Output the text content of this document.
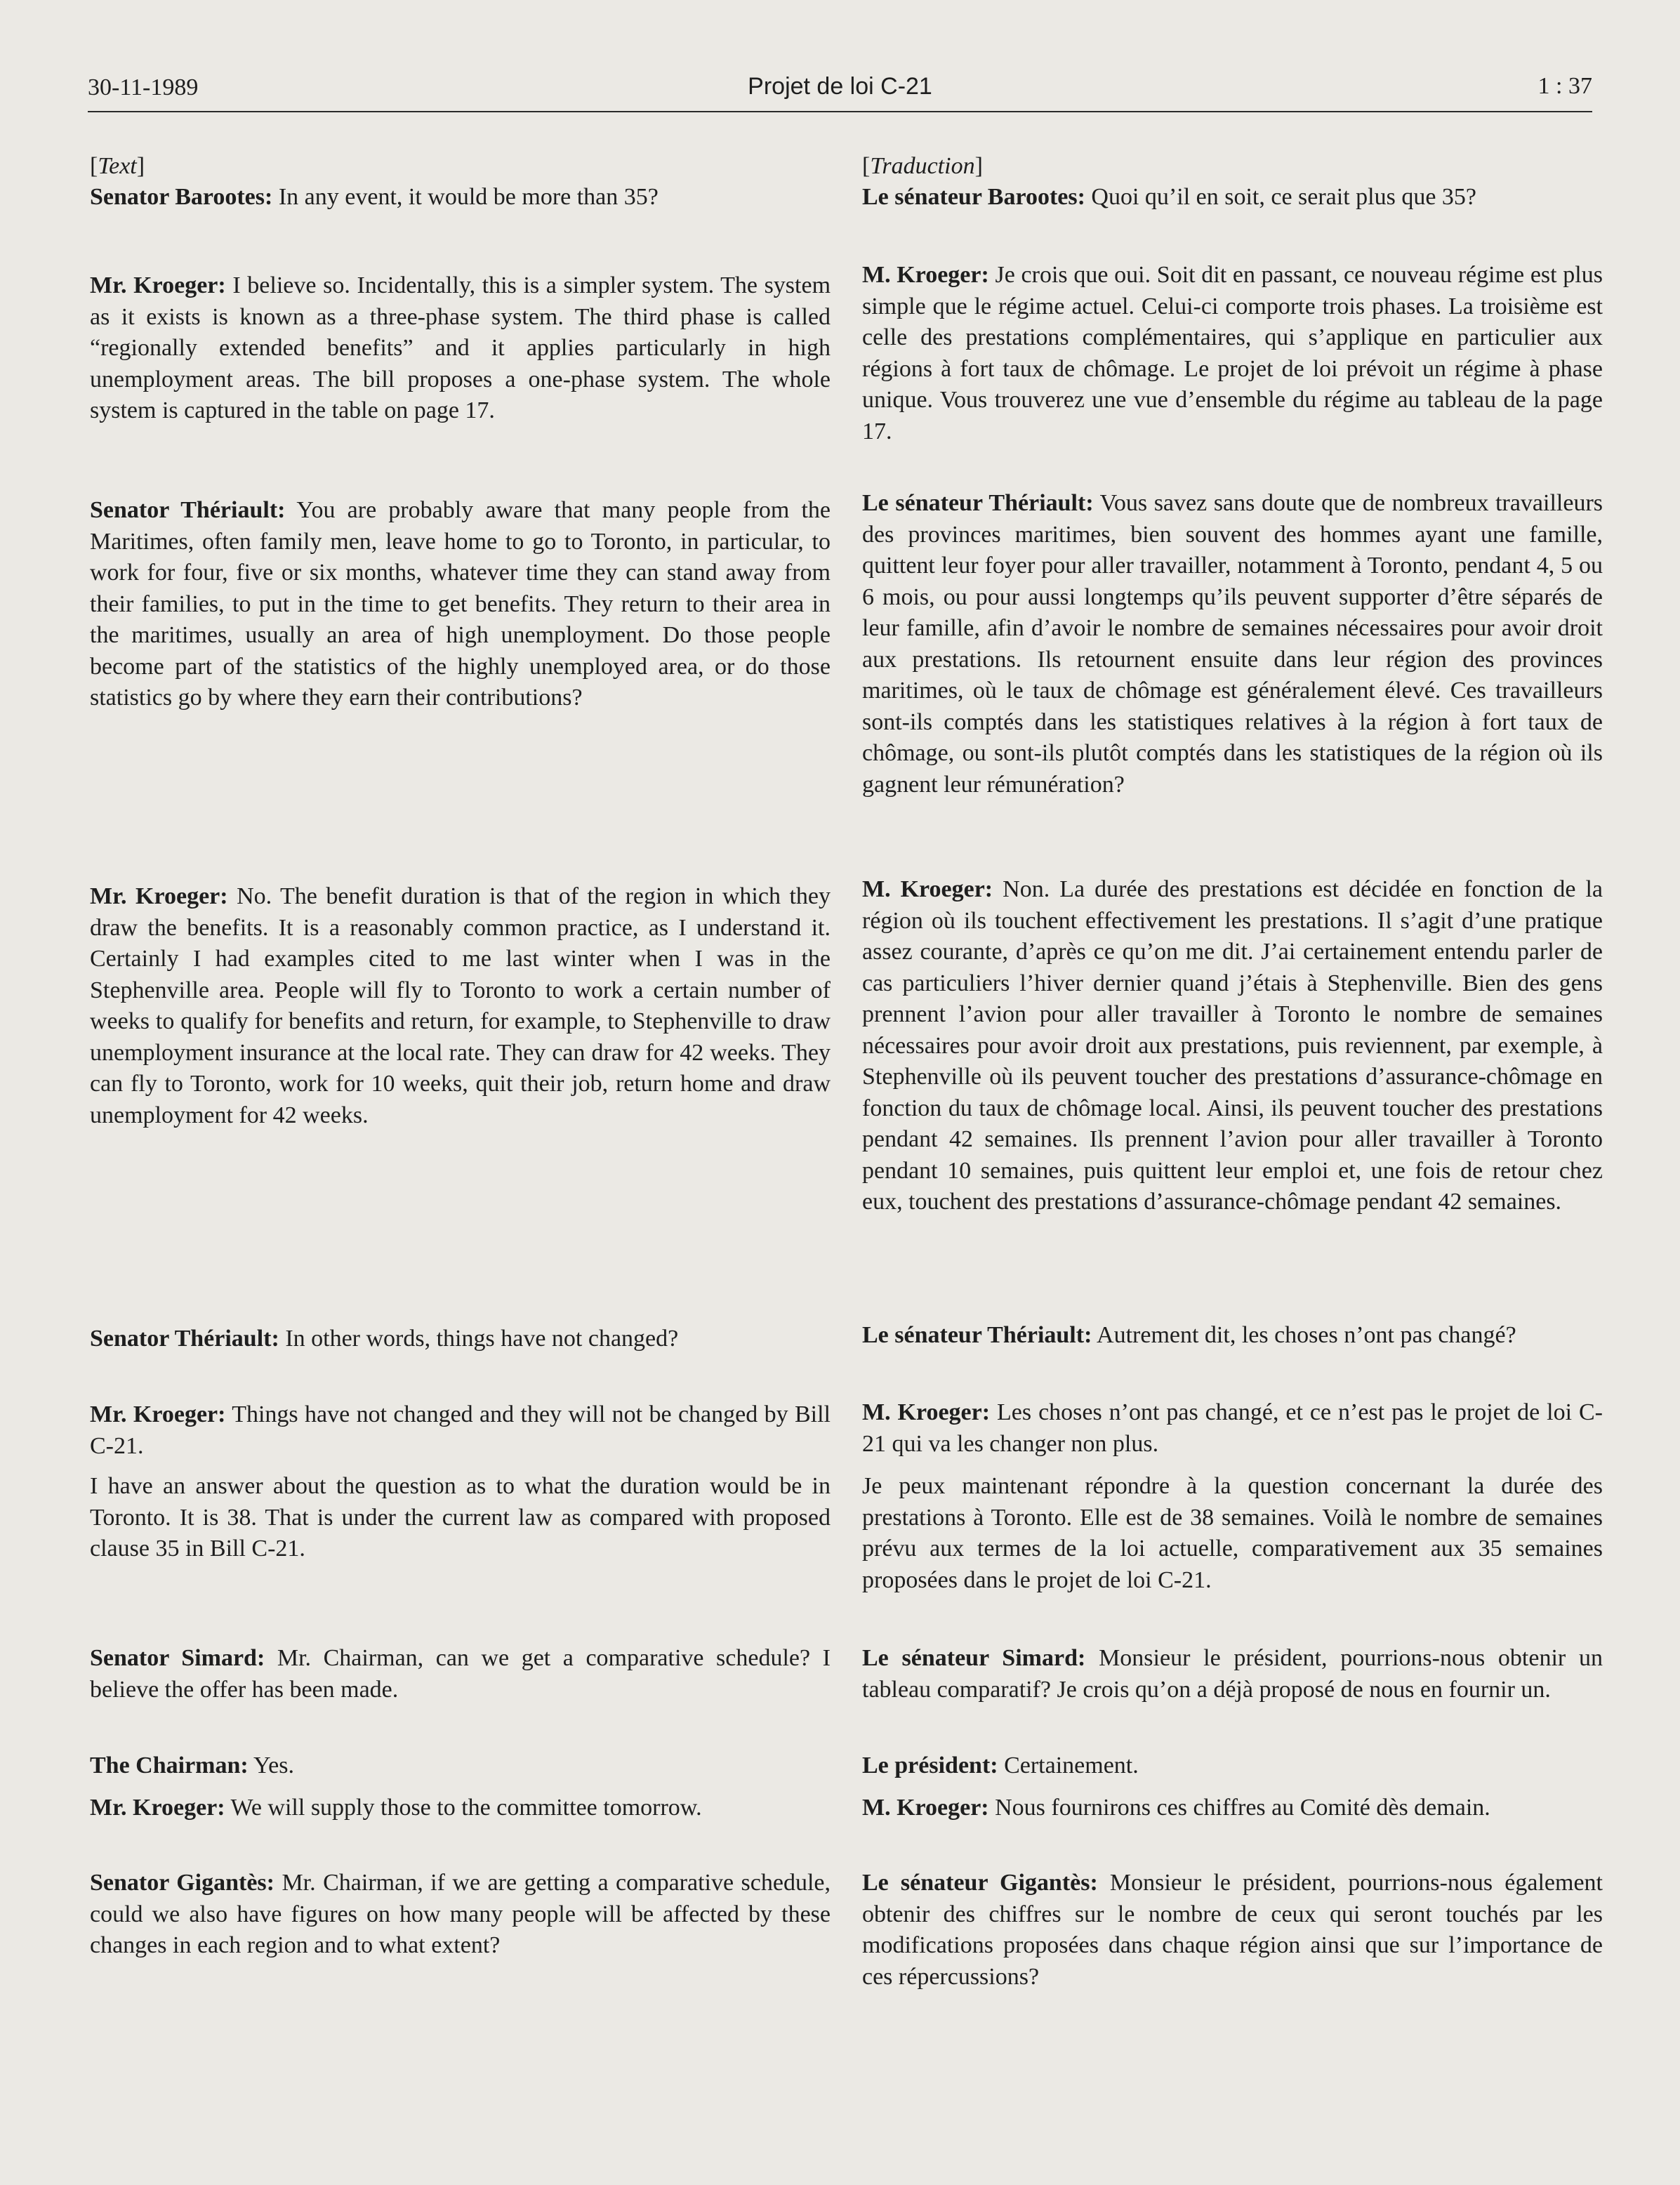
30-11-1989	Projet de loi C-21	1 : 37
[Text]

Senator Barootes: In any event, it would be more than 35?

Mr. Kroeger: I believe so. Incidentally, this is a simpler system. The system as it exists is known as a three-phase system. The third phase is called “regionally extended benefits” and it applies particularly in high unemployment areas. The bill proposes a one-phase system. The whole system is captured in the table on page 17.

Senator Thériault: You are probably aware that many people from the Maritimes, often family men, leave home to go to Toronto, in particular, to work for four, five or six months, whatever time they can stand away from their families, to put in the time to get benefits. They return to their area in the maritimes, usually an area of high unemployment. Do those people become part of the statistics of the highly unemployed area, or do those statistics go by where they earn their contributions?

Mr. Kroeger: No. The benefit duration is that of the region in which they draw the benefits. It is a reasonably common practice, as I understand it. Certainly I had examples cited to me last winter when I was in the Stephenville area. People will fly to Toronto to work a certain number of weeks to qualify for benefits and return, for example, to Stephenville to draw unemployment insurance at the local rate. They can draw for 42 weeks. They can fly to Toronto, work for 10 weeks, quit their job, return home and draw unemployment for 42 weeks.

Senator Thériault: In other words, things have not changed?

Mr. Kroeger: Things have not changed and they will not be changed by Bill C-21.

I have an answer about the question as to what the duration would be in Toronto. It is 38. That is under the current law as compared with proposed clause 35 in Bill C-21.

Senator Simard: Mr. Chairman, can we get a comparative schedule? I believe the offer has been made.

The Chairman: Yes.

Mr. Kroeger: We will supply those to the committee tomorrow.

Senator Gigantès: Mr. Chairman, if we are getting a comparative schedule, could we also have figures on how many people will be affected by these changes in each region and to what extent?

[Traduction]

Le sénateur Barootes: Quoi qu’il en soit, ce serait plus que 35?

M. Kroeger: Je crois que oui. Soit dit en passant, ce nouveau régime est plus simple que le régime actuel. Celui-ci comporte trois phases. La troisième est celle des prestations complémentaires, qui s’applique en particulier aux régions à fort taux de chômage. Le projet de loi prévoit un régime à phase unique. Vous trouverez une vue d’ensemble du régime au tableau de la page 17.

Le sénateur Thériault: Vous savez sans doute que de nombreux travailleurs des provinces maritimes, bien souvent des hommes ayant une famille, quittent leur foyer pour aller travailler, notamment à Toronto, pendant 4, 5 ou 6 mois, ou pour aussi longtemps qu’ils peuvent supporter d’être séparés de leur famille, afin d’avoir le nombre de semaines nécessaires pour avoir droit aux prestations. Ils retournent ensuite dans leur région des provinces maritimes, où le taux de chômage est généralement élevé. Ces travailleurs sont-ils comptés dans les statistiques relatives à la région à fort taux de chômage, ou sont-ils plutôt comptés dans les statistiques de la région où ils gagnent leur rémunération?

M. Kroeger: Non. La durée des prestations est décidée en fonction de la région où ils touchent effectivement les prestations. Il s’agit d’une pratique assez courante, d’après ce qu’on me dit. J’ai certainement entendu parler de cas particuliers l’hiver dernier quand j’étais à Stephenville. Bien des gens prennent l’avion pour aller travailler à Toronto le nombre de semaines nécessaires pour avoir droit aux prestations, puis reviennent, par exemple, à Stephenville où ils peuvent toucher des prestations d’assurance-chômage en fonction du taux de chômage local. Ainsi, ils peuvent toucher des prestations pendant 42 semaines. Ils prennent l’avion pour aller travailler à Toronto pendant 10 semaines, puis quittent leur emploi et, une fois de retour chez eux, touchent des prestations d’assurance-chômage pendant 42 semaines.

Le sénateur Thériault: Autrement dit, les choses n’ont pas changé?

M. Kroeger: Les choses n’ont pas changé, et ce n’est pas le projet de loi C-21 qui va les changer non plus.

Je peux maintenant répondre à la question concernant la durée des prestations à Toronto. Elle est de 38 semaines. Voilà le nombre de semaines prévu aux termes de la loi actuelle, comparativement aux 35 semaines proposées dans le projet de loi C-21.

Le sénateur Simard: Monsieur le président, pourrions-nous obtenir un tableau comparatif? Je crois qu’on a déjà proposé de nous en fournir un.

Le président: Certainement.

M. Kroeger: Nous fournirons ces chiffres au Comité dès demain.

Le sénateur Gigantès: Monsieur le président, pourrions-nous également obtenir des chiffres sur le nombre de ceux qui seront touchés par les modifications proposées dans chaque région ainsi que sur l’importance de ces répercussions?
